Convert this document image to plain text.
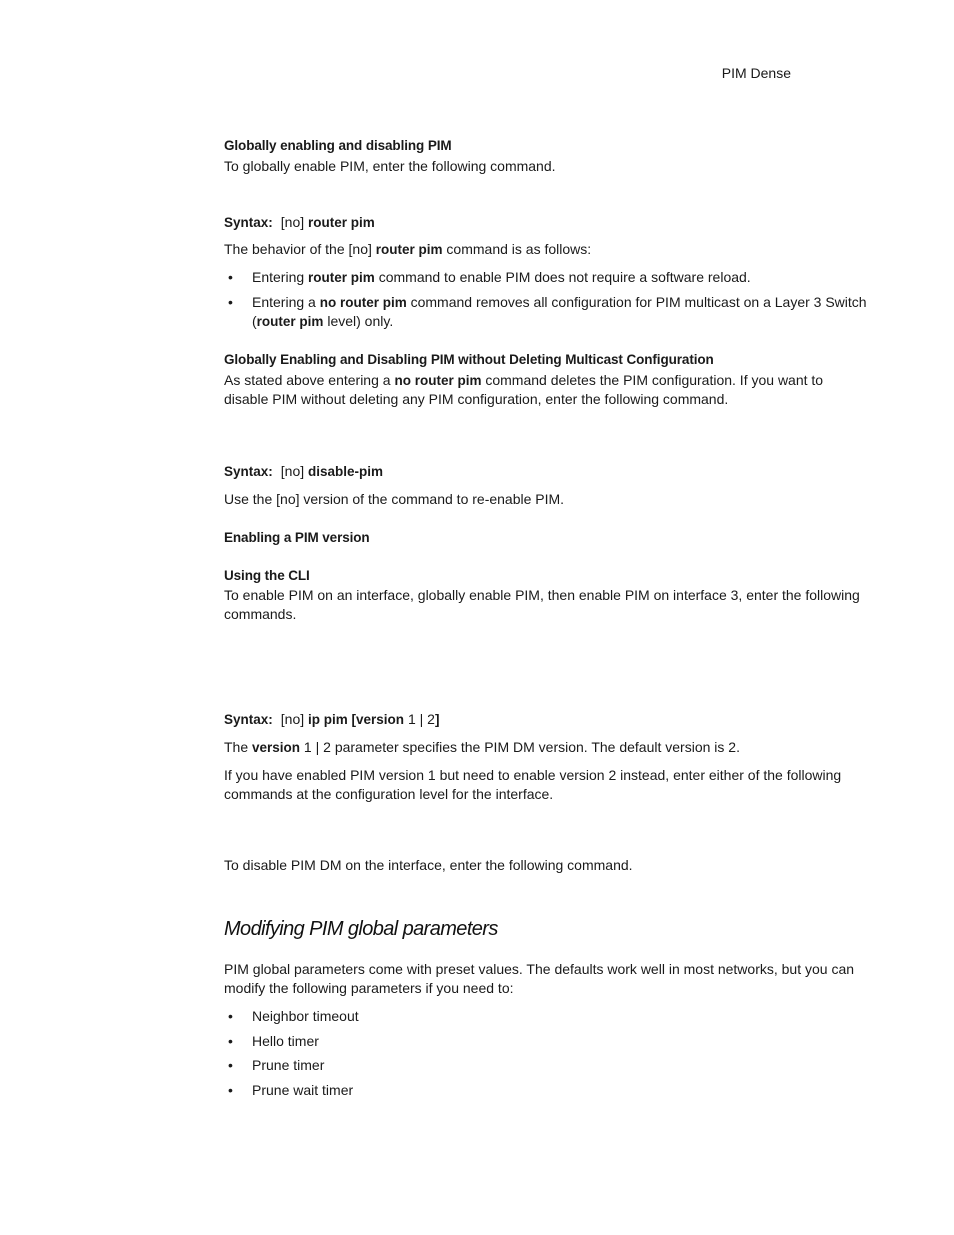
PIM Dense
Globally enabling and disabling PIM
To globally enable PIM, enter the following command.
Syntax: [no] router pim
The behavior of the [no] router pim command is as follows:
• Entering router pim command to enable PIM does not require a software reload.
• Entering a no router pim command removes all configuration for PIM multicast on a Layer 3 Switch (router pim level) only.
Globally Enabling and Disabling PIM without Deleting Multicast Configuration
As stated above entering a no router pim command deletes the PIM configuration. If you want to disable PIM without deleting any PIM configuration, enter the following command.
Syntax: [no] disable-pim
Use the [no] version of the command to re-enable PIM.
Enabling a PIM version
Using the CLI
To enable PIM on an interface, globally enable PIM, then enable PIM on interface 3, enter the following commands.
Syntax: [no] ip pim [version 1 | 2]
The version 1 | 2 parameter specifies the PIM DM version. The default version is 2.
If you have enabled PIM version 1 but need to enable version 2 instead, enter either of the following commands at the configuration level for the interface.
To disable PIM DM on the interface, enter the following command.
Modifying PIM global parameters
PIM global parameters come with preset values. The defaults work well in most networks, but you can modify the following parameters if you need to:
• Neighbor timeout
• Hello timer
• Prune timer
• Prune wait timer
